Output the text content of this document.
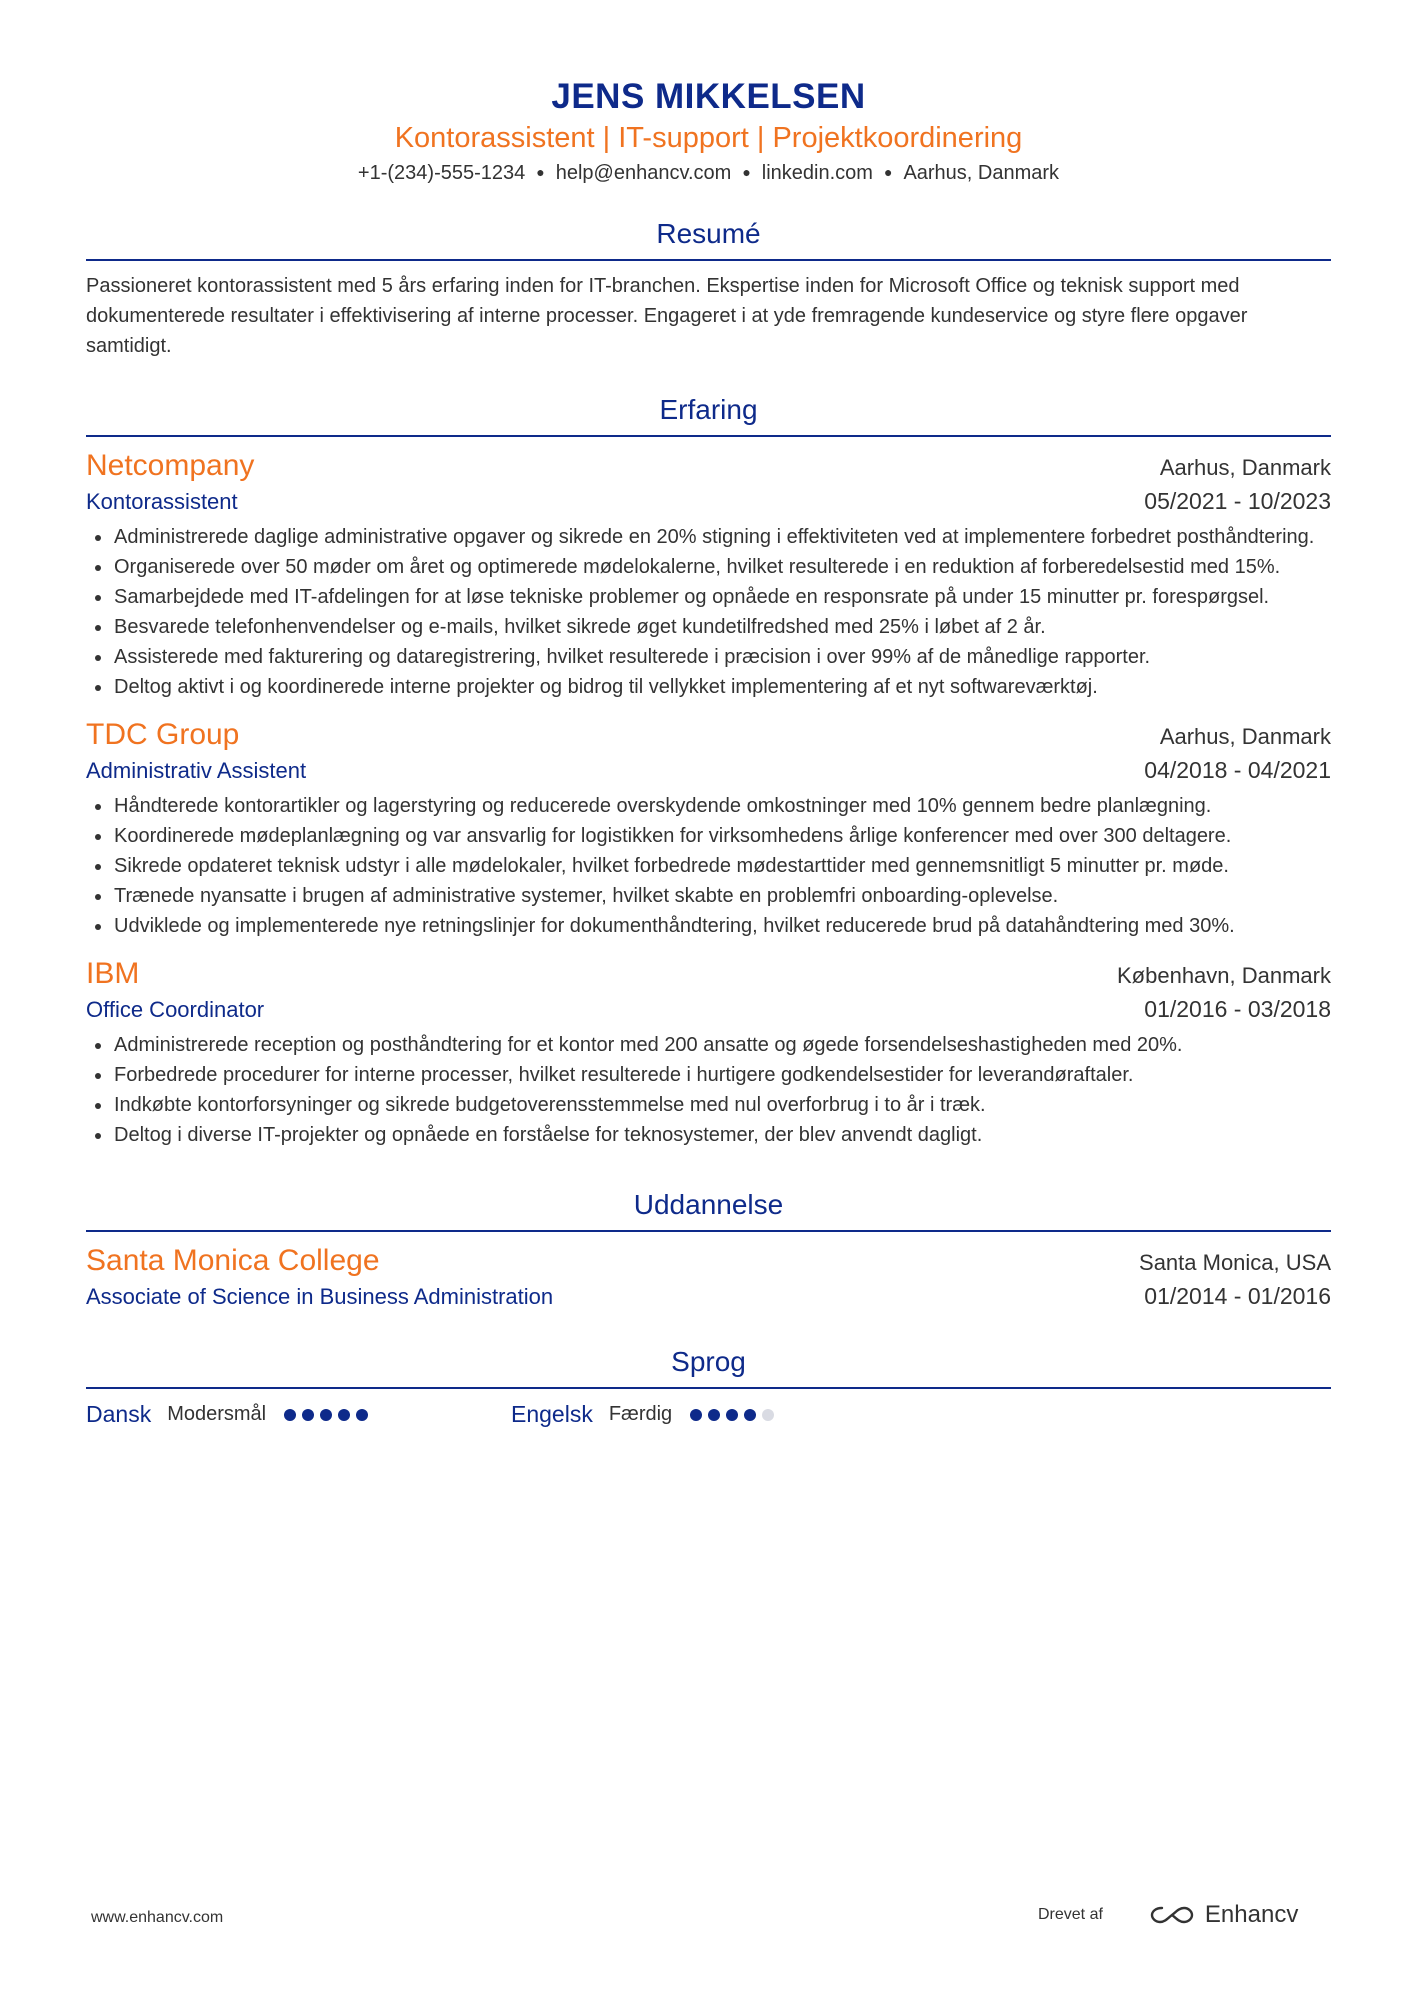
JENS MIKKELSEN
Kontorassistent | IT-support | Projektkoordinering
+1-(234)-555-1234 ● help@enhancv.com ● linkedin.com ● Aarhus, Danmark
Resumé
Passioneret kontorassistent med 5 års erfaring inden for IT-branchen. Ekspertise inden for Microsoft Office og teknisk support med dokumenterede resultater i effektivisering af interne processer. Engageret i at yde fremragende kundeservice og styre flere opgaver samtidigt.
Erfaring
Netcompany	Aarhus, Danmark
Kontorassistent	05/2021 - 10/2023
Administrerede daglige administrative opgaver og sikrede en 20% stigning i effektiviteten ved at implementere forbedret posthåndtering.
Organiserede over 50 møder om året og optimerede mødelokalerne, hvilket resulterede i en reduktion af forberedelsestid med 15%.
Samarbejdede med IT-afdelingen for at løse tekniske problemer og opnåede en responsrate på under 15 minutter pr. forespørgsel.
Besvarede telefonhenvendelser og e-mails, hvilket sikrede øget kundetilfredshed med 25% i løbet af 2 år.
Assisterede med fakturering og dataregistrering, hvilket resulterede i præcision i over 99% af de månedlige rapporter.
Deltog aktivt i og koordinerede interne projekter og bidrog til vellykket implementering af et nyt softwareværktøj.
TDC Group	Aarhus, Danmark
Administrativ Assistent	04/2018 - 04/2021
Håndterede kontorartikler og lagerstyring og reducerede overskydende omkostninger med 10% gennem bedre planlægning.
Koordinerede mødeplanlægning og var ansvarlig for logistikken for virksomhedens årlige konferencer med over 300 deltagere.
Sikrede opdateret teknisk udstyr i alle mødelokaler, hvilket forbedrede mødestarttider med gennemsnitligt 5 minutter pr. møde.
Trænede nyansatte i brugen af administrative systemer, hvilket skabte en problemfri onboarding-oplevelse.
Udviklede og implementerede nye retningslinjer for dokumenthåndtering, hvilket reducerede brud på datahåndtering med 30%.
IBM	København, Danmark
Office Coordinator	01/2016 - 03/2018
Administrerede reception og posthåndtering for et kontor med 200 ansatte og øgede forsendelseshastigheden med 20%.
Forbedrede procedurer for interne processer, hvilket resulterede i hurtigere godkendelsestider for leverandøraftaler.
Indkøbte kontorforsyninger og sikrede budgetoverensstemmelse med nul overforbrug i to år i træk.
Deltog i diverse IT-projekter og opnåede en forståelse for teknosystemer, der blev anvendt dagligt.
Uddannelse
Santa Monica College	Santa Monica, USA
Associate of Science in Business Administration	01/2014 - 01/2016
Sprog
Dansk Modersmål	Engelsk Færdig
www.enhancv.com	Drevet af	Enhancv
